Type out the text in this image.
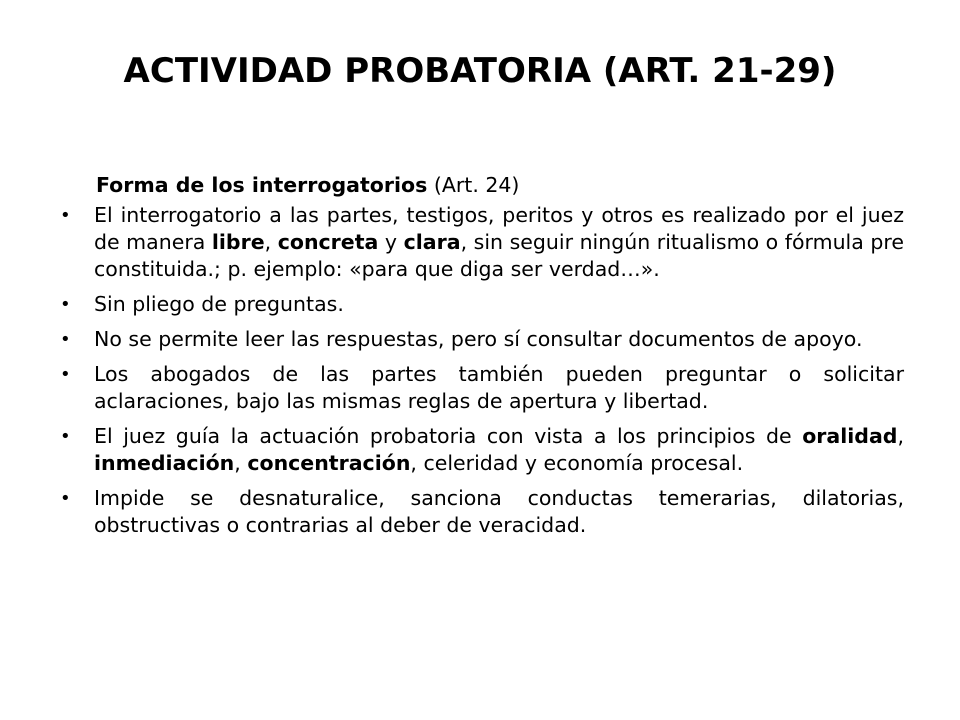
ACTIVIDAD PROBATORIA (ART. 21-29)

Forma de los interrogatorios (Art. 24)

•	El interrogatorio a las partes, testigos, peritos y otros es realizado por el juez de manera libre, concreta y clara, sin seguir ningún ritualismo o fórmula pre constituida.; p. ejemplo: «para que diga ser verdad…».
•	Sin pliego de preguntas.
•	No se permite leer las respuestas, pero sí consultar documentos de apoyo.
•	Los abogados de las partes también pueden preguntar o solicitar aclaraciones, bajo las mismas reglas de apertura y libertad.
•	El juez guía la actuación probatoria con vista a los principios de oralidad, inmediación, concentración, celeridad y economía procesal.
•	Impide se desnaturalice, sanciona conductas temerarias, dilatorias, obstructivas o contrarias al deber de veracidad.
